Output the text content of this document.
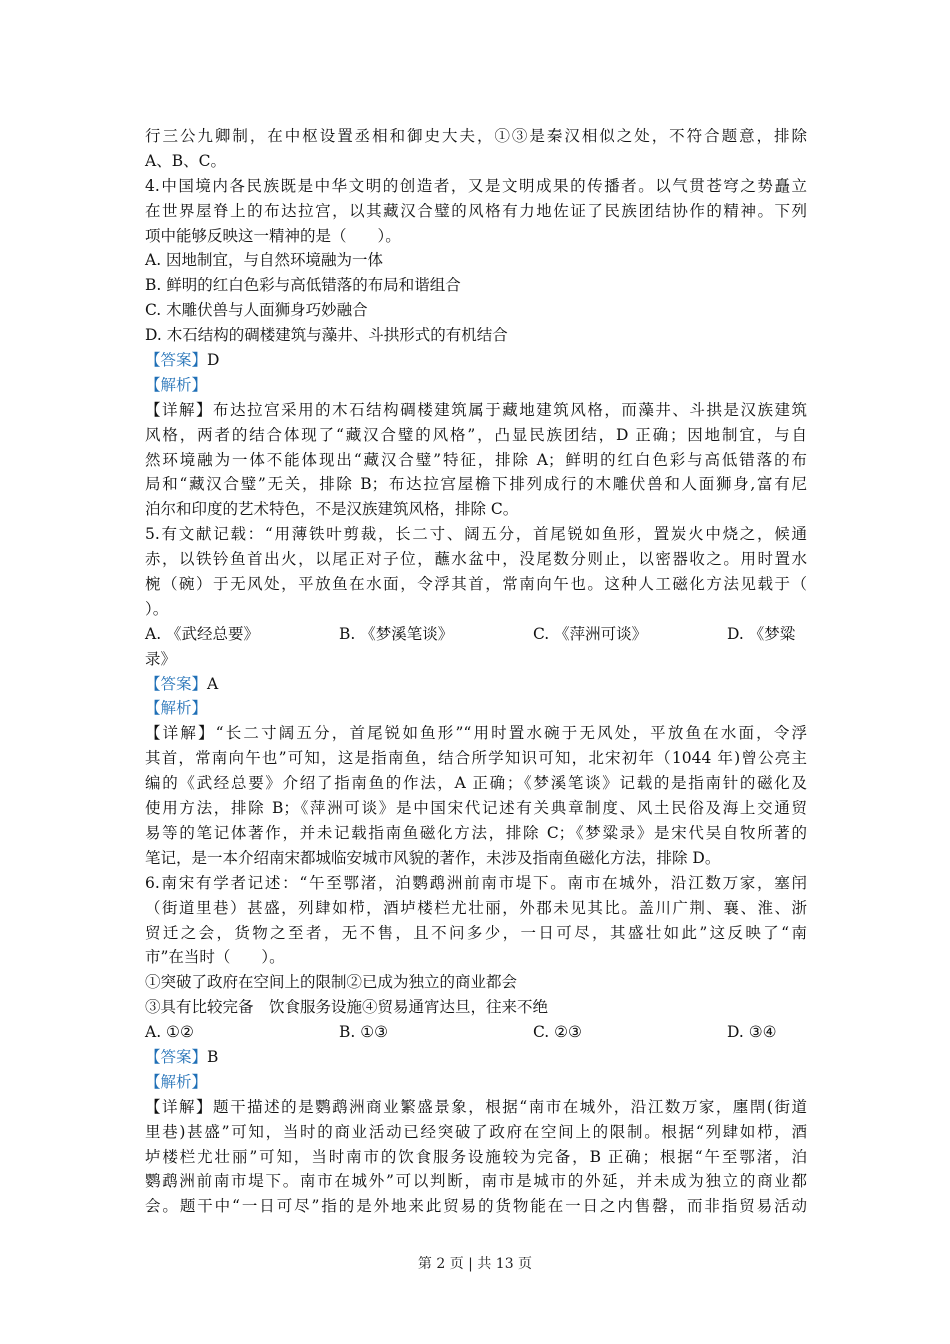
行三公九卿制，在中枢设置丞相和御史大夫，①③是秦汉相似之处，不符合题意，排除
A、B、C。
4.中国境内各民族既是中华文明的创造者，又是文明成果的传播者。以气贯苍穹之势矗立
在世界屋脊上的布达拉宫，以其藏汉合璧的风格有力地佐证了民族团结协作的精神。下列
项中能够反映这一精神的是（　　）。
A. 因地制宜，与自然环境融为一体
B. 鲜明的红白色彩与高低错落的布局和谐组合
C. 木雕伏兽与人面狮身巧妙融合
D. 木石结构的碉楼建筑与藻井、斗拱形式的有机结合
【答案】D
【解析】
【详解】布达拉宫采用的木石结构碉楼建筑属于藏地建筑风格，而藻井、斗拱是汉族建筑
风格，两者的结合体现了“藏汉合璧的风格”，凸显民族团结，D 正确；因地制宜，与自
然环境融为一体不能体现出“藏汉合璧”特征，排除 A；鲜明的红白色彩与高低错落的布
局和“藏汉合璧”无关，排除 B；布达拉宫屋檐下排列成行的木雕伏兽和人面狮身,富有尼
泊尔和印度的艺术特色，不是汉族建筑风格，排除 C。
5.有文献记载：“用薄铁叶剪裁，长二寸、阔五分，首尾锐如鱼形，置炭火中烧之，候通
赤，以铁钤鱼首出火，以尾正对子位，蘸水盆中，没尾数分则止，以密器收之。用时置水
椀（碗）于无风处，平放鱼在水面，令浮其首，常南向午也。这种人工磁化方法见载于（
）。
A. 《武经总要》	B. 《梦溪笔谈》	C. 《萍洲可谈》	D. 《梦粱
录》
【答案】A
【解析】
【详解】“长二寸阔五分，首尾锐如鱼形”“用时置水碗于无风处，平放鱼在水面，令浮
其首，常南向午也”可知，这是指南鱼，结合所学知识可知，北宋初年（1044 年)曾公亮主
编的《武经总要》介绍了指南鱼的作法，A 正确；《梦溪笔谈》记载的是指南针的磁化及
使用方法，排除 B；《萍洲可谈》是中国宋代记述有关典章制度、风土民俗及海上交通贸
易等的笔记体著作，并未记载指南鱼磁化方法，排除 C；《梦粱录》是宋代吴自牧所著的
笔记，是一本介绍南宋都城临安城市风貌的著作，未涉及指南鱼磁化方法，排除 D。
6.南宋有学者记述：“午至鄂渚，泊鹦鹉洲前南市堤下。南市在城外，沿江数万家，塞闬
（街道里巷）甚盛，列肆如栉，酒垆楼栏尤壮丽，外郡未见其比。盖川广荆、襄、淮、浙
贸迁之会，货物之至者，无不售，且不问多少，一日可尽，其盛壮如此”这反映了“南
市”在当时（　　）。
①突破了政府在空间上的限制②已成为独立的商业都会
③具有比较完备　饮食服务设施④贸易通宵达旦，往来不绝
A. ①②	B. ①③	C. ②③	D. ③④
【答案】B
【解析】
【详解】题干描述的是鹦鹉洲商业繁盛景象，根据“南市在城外，沿江数万家，廛閈(街道
里巷)甚盛”可知，当时的商业活动已经突破了政府在空间上的限制。根据“列肆如栉，酒
垆楼栏尤壮丽”可知，当时南市的饮食服务设施较为完备，B 正确；根据“午至鄂渚，泊
鹦鹉洲前南市堤下。南市在城外”可以判断，南市是城市的外延，并未成为独立的商业都
会。题干中“一日可尽”指的是外地来此贸易的货物能在一日之内售罄，而非指贸易活动
第 2 页 | 共 13 页
